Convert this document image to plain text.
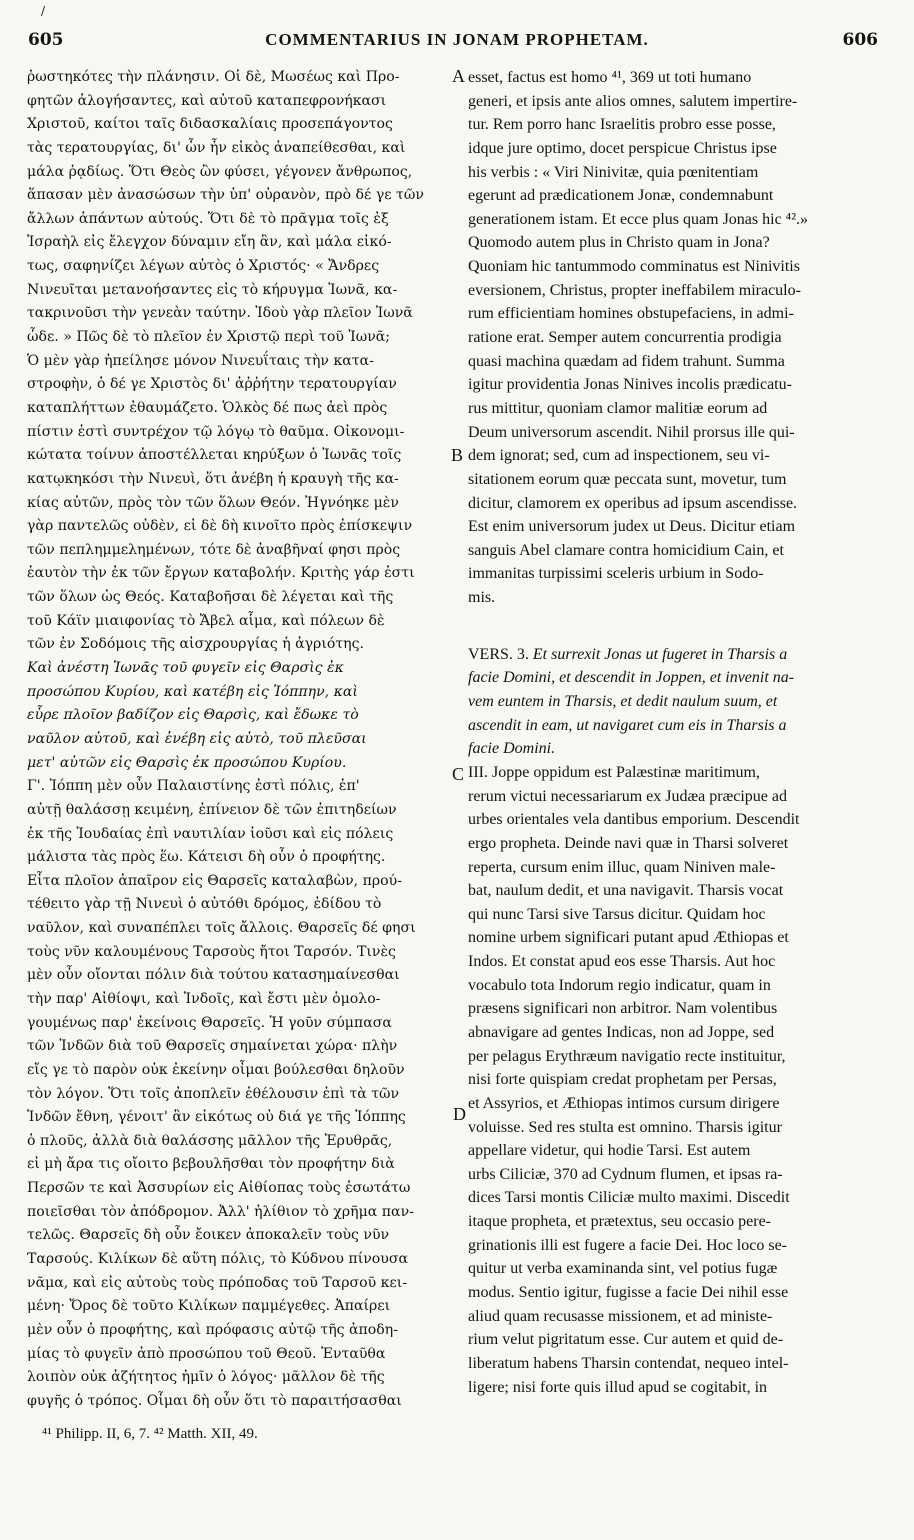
/
605	COMMENTARIUS IN JONAM PROPHETAM.	606
ῥωστηκότες τὴν πλάνησιν. Οἱ δὲ, Μωσέως καὶ Προ-
φητῶν ἀλογήσαντες, καὶ αὐτοῦ καταπεφρονήκασι
Χριστοῦ, καίτοι ταῖς διδασκαλίαις προσεπάγοντος
τὰς τερατουργίας, δι' ὧν ἦν εἰκὸς ἀναπείθεσθαι, καὶ
μάλα ῥᾳδίως. Ὅτι Θεὸς ὢν φύσει, γέγονεν ἄνθρωπος,
ἅπασαν μὲν ἀνασώσων τὴν ὑπ' οὐρανὸν, πρὸ δέ γε τῶν
ἄλλων ἁπάντων αὐτούς. Ὅτι δὲ τὸ πρᾶγμα τοῖς ἐξ
Ἰσραὴλ εἰς ἔλεγχον δύναμιν εἴη ἂν, καὶ μάλα εἰκό-
τως, σαφηνίζει λέγων αὐτὸς ὁ Χριστός· « Ἄνδρες
Νινευῖται μετανοήσαντες εἰς τὸ κήρυγμα Ἰωνᾶ, κα-
τακρινοῦσι τὴν γενεὰν ταύτην. Ἰδοὺ γὰρ πλεῖον Ἰωνᾶ
ὧδε. » Πῶς δὲ τὸ πλεῖον ἐν Χριστῷ περὶ τοῦ Ἰωνᾶ;
Ὁ μὲν γὰρ ἠπείλησε μόνον Νινευΐταις τὴν κατα-
στροφὴν, ὁ δέ γε Χριστὸς δι' ἀῤῥήτην τερατουργίαν
καταπλήττων ἐθαυμάζετο. Ὁλκὸς δέ πως ἀεὶ πρὸς
πίστιν ἐστὶ συντρέχον τῷ λόγῳ τὸ θαῦμα. Οἰκονομι-
κώτατα τοίνυν ἀποστέλλεται κηρύξων ὁ Ἰωνᾶς τοῖς
κατῳκηκόσι τὴν Νινευὶ, ὅτι ἀνέβη ἡ κραυγὴ τῆς κα-
κίας αὐτῶν, πρὸς τὸν τῶν ὅλων Θεόν. Ἠγνόηκε μὲν
γὰρ παντελῶς οὐδὲν, εἰ δὲ δὴ κινοῖτο πρὸς ἐπίσκεψιν
τῶν πεπλημμελημένων, τότε δὲ ἀναβῆναί φησι πρὸς
ἑαυτὸν τὴν ἐκ τῶν ἔργων καταβολήν. Κριτὴς γάρ ἐστι
τῶν ὅλων ὡς Θεός. Καταβοῆσαι δὲ λέγεται καὶ τῆς
τοῦ Κάϊν μιαιφονίας τὸ Ἄβελ αἷμα, καὶ πόλεων δὲ
τῶν ἐν Σοδόμοις τῆς αἰσχρουργίας ἡ ἀγριότης.
Καὶ ἀνέστη Ἰωνᾶς τοῦ φυγεῖν εἰς Θαρσὶς ἐκ
προσώπου Κυρίου, καὶ κατέβη εἰς Ἰόππην, καὶ
εὗρε πλοῖον βαδίζον εἰς Θαρσὶς, καὶ ἔδωκε τὸ
ναῦλον αὐτοῦ, καὶ ἐνέβη εἰς αὐτὸ, τοῦ πλεῦσαι
μετ' αὐτῶν εἰς Θαρσὶς ἐκ προσώπου Κυρίου.
Γ'. Ἰόππη μὲν οὖν Παλαιστίνης ἐστὶ πόλις, ἐπ'
αὐτῇ θαλάσσῃ κειμένη, ἐπίνειον δὲ τῶν ἐπιτηδείων
ἐκ τῆς Ἰουδαίας ἐπὶ ναυτιλίαν ἰοῦσι καὶ εἰς πόλεις
μάλιστα τὰς πρὸς ἕω. Κάτεισι δὴ οὖν ὁ προφήτης.
Εἶτα πλοῖον ἀπαῖρον εἰς Θαρσεῖς καταλαβὼν, πρού-
τέθειτο γὰρ τῇ Νινευὶ ὁ αὐτόθι δρόμος, ἐδίδου τὸ
ναῦλον, καὶ συναπέπλει τοῖς ἄλλοις. Θαρσεῖς δέ φησι
τοὺς νῦν καλουμένους Ταρσοὺς ἤτοι Ταρσόν. Τινὲς
μὲν οὖν οἴονται πόλιν διὰ τούτου κατασημαίνεσθαι
τὴν παρ' Αἰθίοψι, καὶ Ἰνδοῖς, καὶ ἔστι μὲν ὁμολο-
γουμένως παρ' ἐκείνοις Θαρσεῖς. Ἡ γοῦν σύμπασα
τῶν Ἰνδῶν διὰ τοῦ Θαρσεῖς σημαίνεται χώρα· πλὴν
εἴς γε τὸ παρὸν οὐκ ἐκείνην οἶμαι βούλεσθαι δηλοῦν
τὸν λόγον. Ὅτι τοῖς ἀποπλεῖν ἐθέλουσιν ἐπὶ τὰ τῶν
Ἰνδῶν ἔθνη, γένοιτ' ἂν εἰκότως οὐ διά γε τῆς Ἰόππης
ὁ πλοῦς, ἀλλὰ διὰ θαλάσσης μᾶλλον τῆς Ἐρυθρᾶς,
εἰ μὴ ἄρα τις οἴοιτο βεβουλῆσθαι τὸν προφήτην διὰ
Περσῶν τε καὶ Ἀσσυρίων εἰς Αἰθίοπας τοὺς ἐσωτάτω
ποιεῖσθαι τὸν ἀπόδρομον. Ἀλλ' ἠλίθιον τὸ χρῆμα παν-
τελῶς. Θαρσεῖς δὴ οὖν ἔοικεν ἀποκαλεῖν τοὺς νῦν
Ταρσούς. Κιλίκων δὲ αὕτη πόλις, τὸ Κύδνου πίνουσα
νᾶμα, καὶ εἰς αὐτοὺς τοὺς πρόποδας τοῦ Ταρσοῦ κει-
μένη· Ὄρος δὲ τοῦτο Κιλίκων παμμέγεθες. Ἀπαίρει
μὲν οὖν ὁ προφήτης, καὶ πρόφασις αὐτῷ τῆς ἀποδη-
μίας τὸ φυγεῖν ἀπὸ προσώπου τοῦ Θεοῦ. Ἐνταῦθα
λοιπὸν οὐκ ἀζήτητος ἡμῖν ὁ λόγος· μᾶλλον δὲ τῆς
φυγῆς ὁ τρόπος. Οἶμαι δὴ οὖν ὅτι τὸ παραιτήσασθαι
esset, factus est homo ⁴¹, 369 ut toti humano
generi, et ipsis ante alios omnes, salutem impertire-
tur. Rem porro hanc Israelitis probro esse posse,
idque jure optimo, docet perspicue Christus ipse
his verbis : « Viri Ninivitæ, quia pœnitentiam
egerunt ad prædicationem Jonæ, condemnabunt
generationem istam. Et ecce plus quam Jonas hic ⁴².»
Quomodo autem plus in Christo quam in Jona?
Quoniam hic tantummodo comminatus est Ninivitis
eversionem, Christus, propter ineffabilem miraculo-
rum efficientiam homines obstupefaciens, in admi-
ratione erat. Semper autem concurrentia prodigia
quasi machina quædam ad fidem trahunt. Summa
igitur providentia Jonas Ninives incolis prædicatu-
rus mittitur, quoniam clamor malitiæ eorum ad
Deum universorum ascendit. Nihil prorsus ille qui-
dem ignorat; sed, cum ad inspectionem, seu vi-
sitationem eorum quæ peccata sunt, movetur, tum
dicitur, clamorem ex operibus ad ipsum ascendisse.
Est enim universorum judex ut Deus. Dicitur etiam
sanguis Abel clamare contra homicidium Cain, et
immanitas turpissimi sceleris urbium in Sodo-
mis.
VERS. 3. Et surrexit Jonas ut fugeret in Tharsis a
facie Domini, et descendit in Joppen, et invenit na-
vem euntem in Tharsis, et dedit naulum suum, et
ascendit in eam, ut navigaret cum eis in Tharsis a
facie Domini.
III. Joppe oppidum est Palæstinæ maritimum,
rerum victui necessariarum ex Judæa præcipue ad
urbes orientales vela dantibus emporium. Descendit
ergo propheta. Deinde navi quæ in Tharsi solveret
reperta, cursum enim illuc, quam Niniven male-
bat, naulum dedit, et una navigavit. Tharsis vocat
qui nunc Tarsi sive Tarsus dicitur. Quidam hoc
nomine urbem significari putant apud Æthiopas et
Indos. Et constat apud eos esse Tharsis. Aut hoc
vocabulo tota Indorum regio indicatur, quam in
præsens significari non arbitror. Nam volentibus
abnavigare ad gentes Indicas, non ad Joppe, sed
per pelagus Erythræum navigatio recte instituitur,
nisi forte quispiam credat prophetam per Persas,
et Assyrios, et Æthiopas intimos cursum dirigere
voluisse. Sed res stulta est omnino. Tharsis igitur
appellare videtur, qui hodie Tarsi. Est autem
urbs Ciliciæ, 370 ad Cydnum flumen, et ipsas ra-
dices Tarsi montis Ciliciæ multo maximi. Discedit
itaque propheta, et prætextus, seu occasio pere-
grinationis illi est fugere a facie Dei. Hoc loco se-
quitur ut verba examinanda sint, vel potius fugæ
modus. Sentio igitur, fugisse a facie Dei nihil esse
aliud quam recusasse missionem, et ad ministe-
rium velut pigritatum esse. Cur autem et quid de-
liberatum habens Tharsin contendat, nequeo intel-
ligere; nisi forte quis illud apud se cogitabit, in
A
B
C
D
⁴¹ Philipp. II, 6, 7. ⁴² Matth. XII, 49.
